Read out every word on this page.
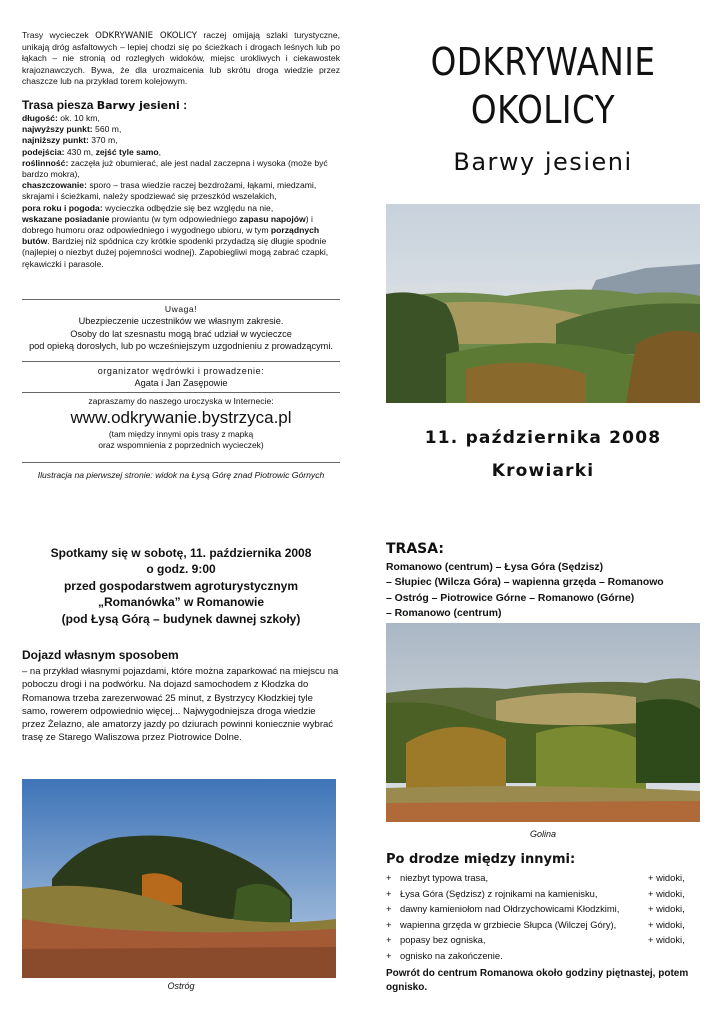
Trasy wycieczek ODKRYWANIE OKOLICY raczej omijają szlaki turystyczne, unikają dróg asfaltowych – lepiej chodzi się po ścieżkach i drogach leśnych lub po łąkach – nie stronią od rozległych widoków, miejsc urokliwych i ciekawostek krajoznawczych. Bywa, że dla urozmaicenia lub skrótu droga wiedzie przez chaszcze lub na przykład torem kolejowym.
Trasa piesza Barwy jesieni :
długość: ok. 10 km,
najwyższy punkt: 560 m,
najniższy punkt: 370 m,
podejścia: 430 m, zejść tyle samo,
roślinność: zaczęła już obumierać, ale jest nadal zaczepna i wysoka (może być bardzo mokra),
chaszczowanie: sporo – trasa wiedzie raczej bezdrożami, łąkami, miedzami, skrajami i ścieżkami, należy spodziewać się przeszkód wszelakich,
pora roku i pogoda: wycieczka odbędzie się bez względu na nie,
wskazane posiadanie prowiantu (w tym odpowiedniego zapasu napojów) i dobrego humoru oraz odpowiedniego i wygodnego ubioru, w tym porządnych butów. Bardziej niż spódnica czy krótkie spodenki przydadzą się długie spodnie (najlepiej o niezbyt dużej pojemności wodnej). Zapobiegliwi mogą zabrać czapki, rękawiczki i parasole.
Uwaga!
Ubezpieczenie uczestników we własnym zakresie.
Osoby do lat szesnastu mogą brać udział w wycieczce
pod opieką dorosłych, lub po wcześniejszym uzgodnieniu z prowadzącymi.
organizator wędrówki i prowadzenie:
Agata i Jan Zasępowie
zapraszamy do naszego uroczyska w Internecie:
www.odkrywanie.bystrzyca.pl
(tam między innymi opis trasy z mapką
oraz wspomnienia z poprzednich wycieczek)
Ilustracja na pierwszej stronie: widok na Łysą Górę znad Piotrowic Górnych
ODKRYWANIE
OKOLICY
Barwy jesieni
11. października 2008
Krowiarki
Spotkamy się w sobotę, 11. października 2008
o godz. 9:00
przed gospodarstwem agroturystycznym
„Romanówka” w Romanowie
(pod Łysą Górą – budynek dawnej szkoły)
Dojazd własnym sposobem
– na przykład własnymi pojazdami, które można zaparkować na miejscu na poboczu drogi i na podwórku. Na dojazd samochodem z Kłodzka do Romanowa trzeba zarezerwować 25 minut, z Bystrzycy Kłodzkiej tyle samo, rowerem odpowiednio więcej... Najwygodniejsza droga wiedzie przez Żelazno, ale amatorzy jazdy po dziurach powinni koniecznie wybrać trasę ze Starego Waliszowa przez Piotrowice Dolne.
Ostróg
TRASA:
Romanowo (centrum) – Łysa Góra (Sędzisz)
– Słupiec (Wilcza Góra) – wapienna grzęda – Romanowo
– Ostróg – Piotrowice Górne – Romanowo (Górne)
– Romanowo (centrum)
Golina
Po drodze między innymi:
+ niezbyt typowa trasa,	+ widoki,
+ Łysa Góra (Sędzisz) z rojnikami na kamienisku,	+ widoki,
+ dawny kamieniołom nad Ołdrzychowicami Kłodzkimi,	+ widoki,
+ wapienna grzęda w grzbiecie Słupca (Wilczej Góry),	+ widoki,
+ popasy bez ogniska,	+ widoki,
+ ognisko na zakończenie.
Powrót do centrum Romanowa około godziny piętnastej, potem ognisko.
